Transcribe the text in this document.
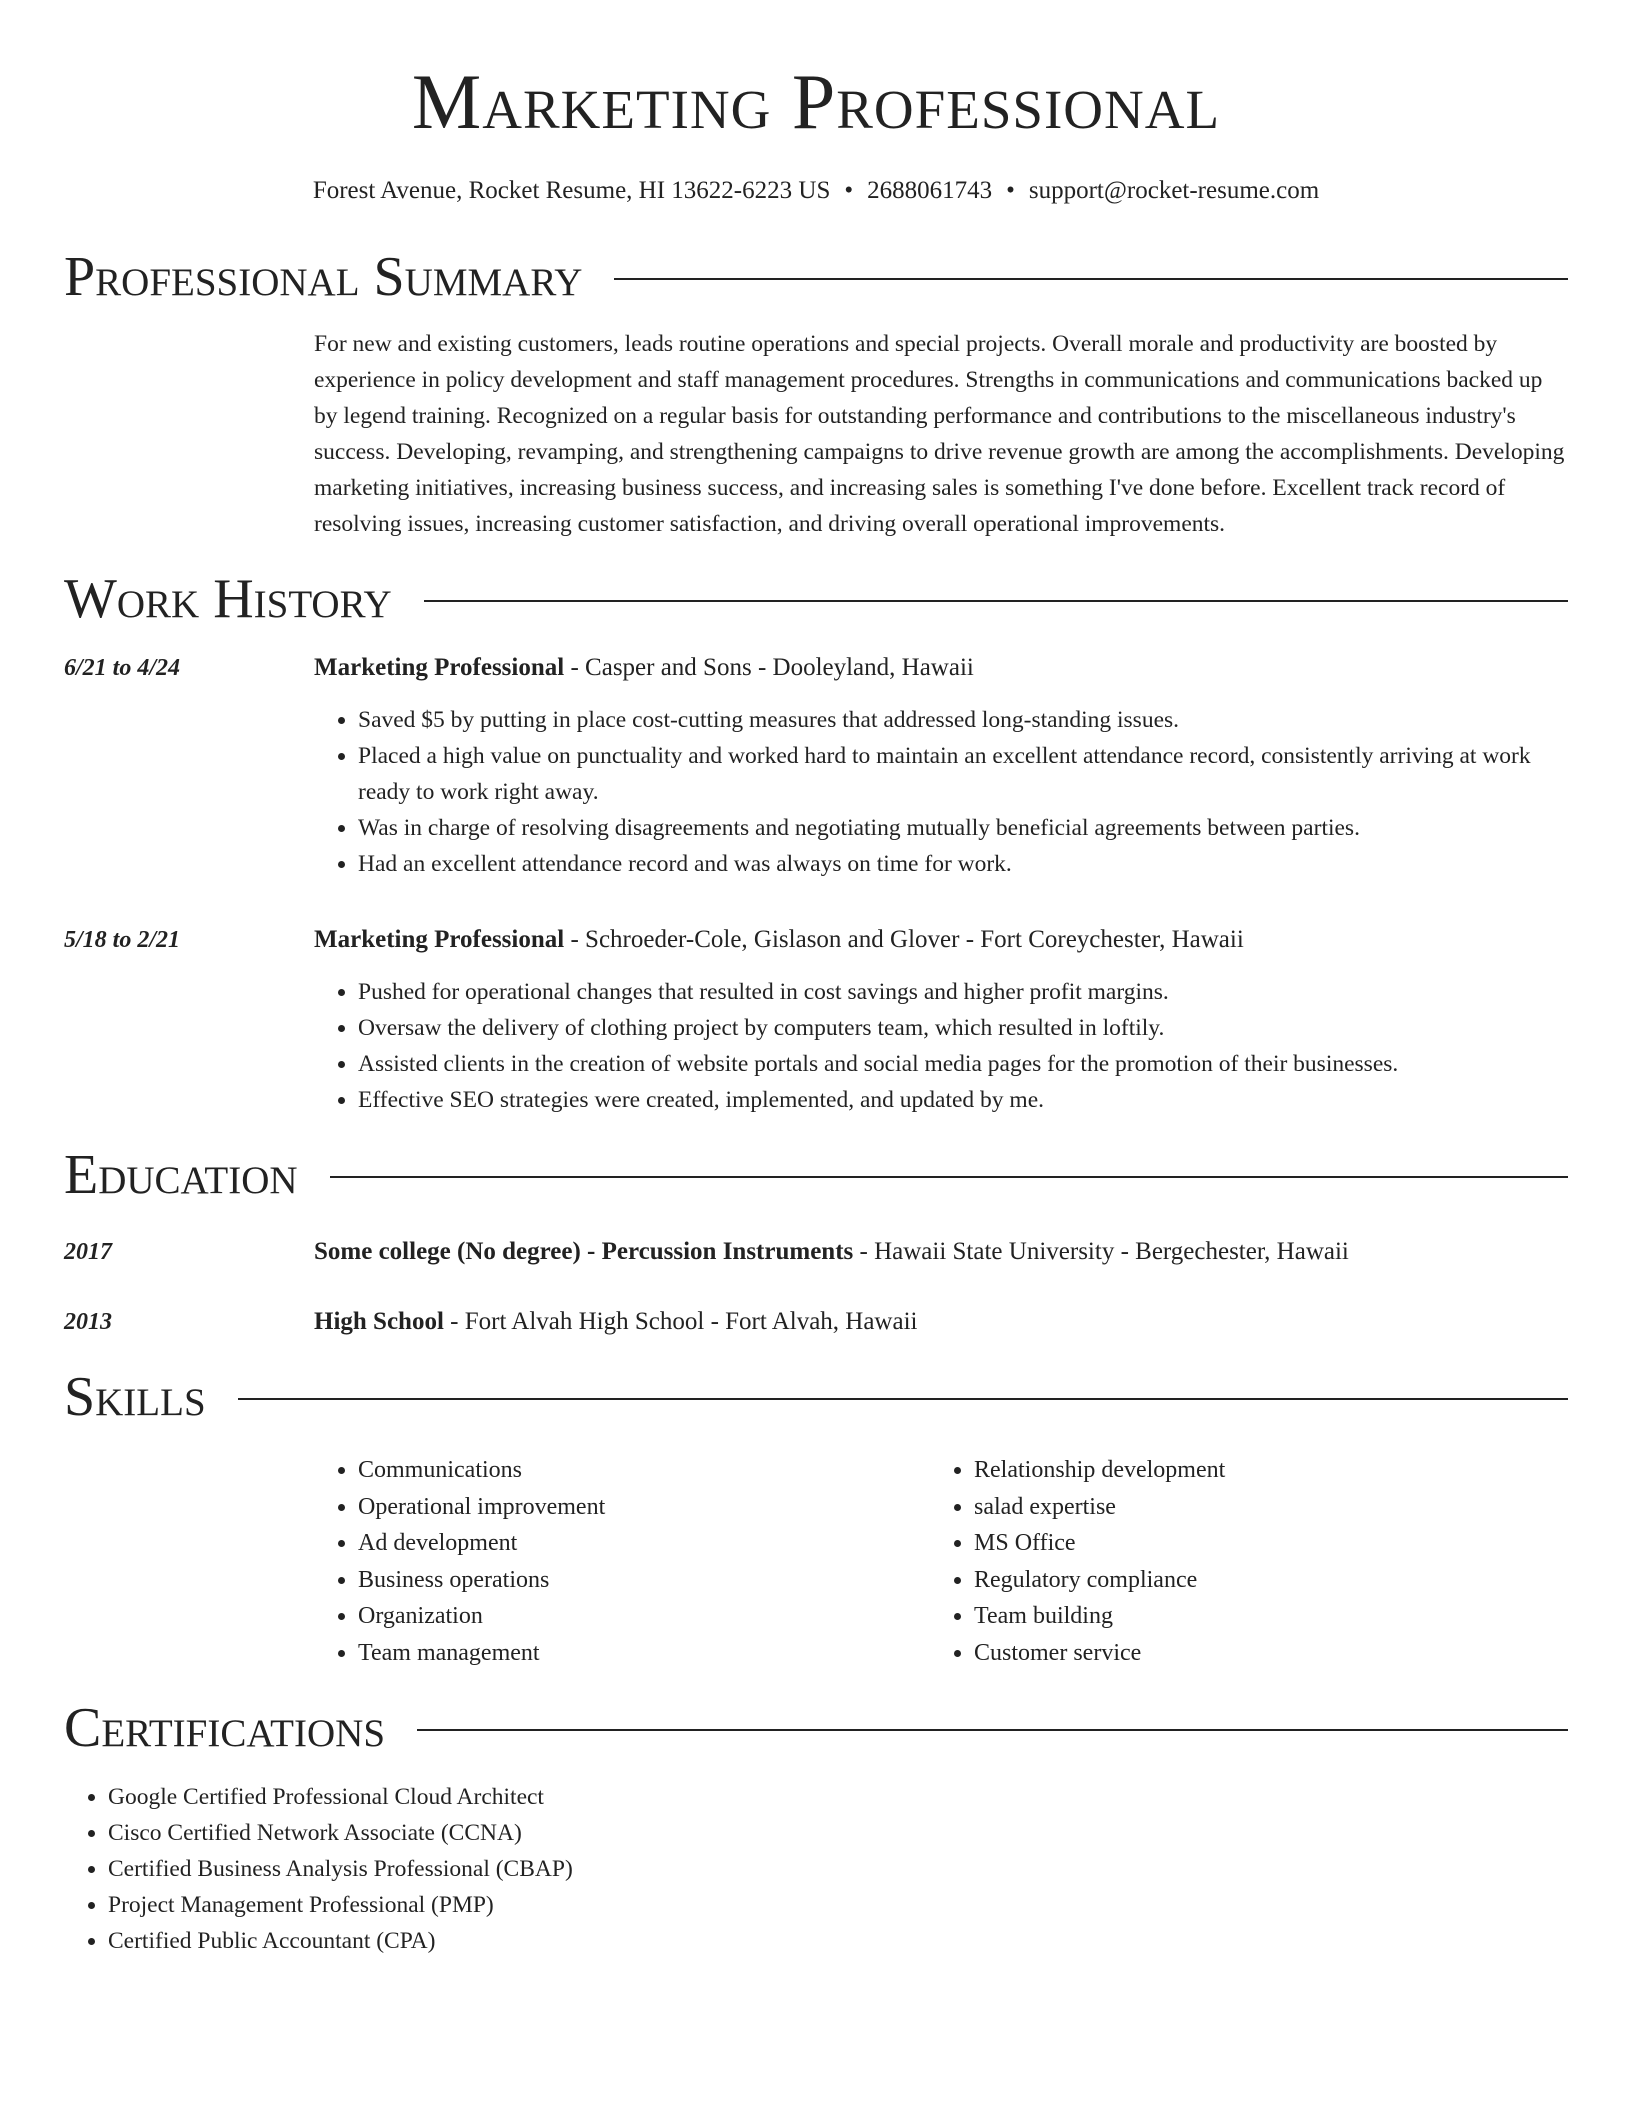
Marketing Professional
Forest Avenue, Rocket Resume, HI 13622-6223 US • 2688061743 • support@rocket-resume.com
Professional Summary
For new and existing customers, leads routine operations and special projects. Overall morale and productivity are boosted by experience in policy development and staff management procedures. Strengths in communications and communications backed up by legend training. Recognized on a regular basis for outstanding performance and contributions to the miscellaneous industry's success. Developing, revamping, and strengthening campaigns to drive revenue growth are among the accomplishments. Developing marketing initiatives, increasing business success, and increasing sales is something I've done before. Excellent track record of resolving issues, increasing customer satisfaction, and driving overall operational improvements.
Work History
6/21 to 4/24	Marketing Professional - Casper and Sons - Dooleyland, Hawaii
• Saved $5 by putting in place cost-cutting measures that addressed long-standing issues.
• Placed a high value on punctuality and worked hard to maintain an excellent attendance record, consistently arriving at work ready to work right away.
• Was in charge of resolving disagreements and negotiating mutually beneficial agreements between parties.
• Had an excellent attendance record and was always on time for work.
5/18 to 2/21	Marketing Professional - Schroeder-Cole, Gislason and Glover - Fort Coreychester, Hawaii
• Pushed for operational changes that resulted in cost savings and higher profit margins.
• Oversaw the delivery of clothing project by computers team, which resulted in loftily.
• Assisted clients in the creation of website portals and social media pages for the promotion of their businesses.
• Effective SEO strategies were created, implemented, and updated by me.
Education
2017	Some college (No degree) - Percussion Instruments - Hawaii State University - Bergechester, Hawaii
2013	High School - Fort Alvah High School - Fort Alvah, Hawaii
Skills
• Communications
• Operational improvement
• Ad development
• Business operations
• Organization
• Team management
• Relationship development
• salad expertise
• MS Office
• Regulatory compliance
• Team building
• Customer service
Certifications
• Google Certified Professional Cloud Architect
• Cisco Certified Network Associate (CCNA)
• Certified Business Analysis Professional (CBAP)
• Project Management Professional (PMP)
• Certified Public Accountant (CPA)
